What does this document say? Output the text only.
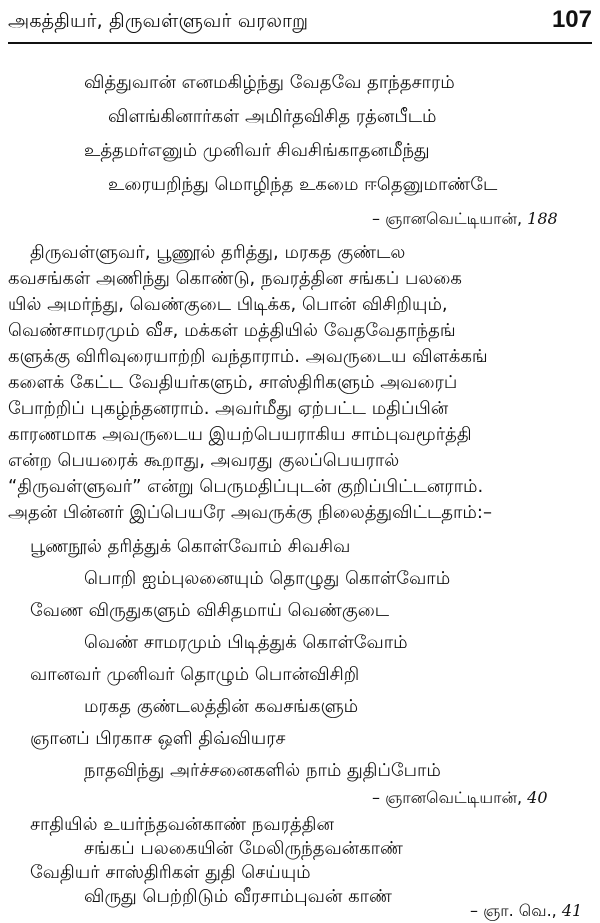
அகத்தியர், திருவள்ளுவர் வரலாறு	107
வித்துவான் எனமகிழ்ந்து வேதவே தாந்தசாரம்
விளங்கினார்கள் அமிர்தவிசித ரத்னபீடம்
உத்தமர்எனும் முனிவர் சிவசிங்காதனமீந்து
உரையறிந்து மொழிந்த உகமை ஈதெனுமாண்டே
– ஞானவெட்டியான், 188
திருவள்ளுவர், பூணூல் தரித்து, மரகத குண்டல
கவசங்கள் அணிந்து கொண்டு, நவரத்தின சங்கப் பலகை
யில் அமர்ந்து, வெண்குடை பிடிக்க, பொன் விசிறியும்,
வெண்சாமரமும் வீச, மக்கள் மத்தியில் வேதவேதாந்தங்
களுக்கு விரிவுரையாற்றி வந்தாராம். அவருடைய விளக்கங்
களைக் கேட்ட வேதியர்களும், சாஸ்திரிகளும் அவரைப்
போற்றிப் புகழ்ந்தனராம். அவர்மீது ஏற்பட்ட மதிப்பின்
காரணமாக அவருடைய இயற்பெயராகிய சாம்புவமூர்த்தி
என்ற பெயரைக் கூறாது, அவரது குலப்பெயரால்
“திருவள்ளுவர்” என்று பெருமதிப்புடன் குறிப்பிட்டனராம்.
அதன் பின்னர் இப்பெயரே அவருக்கு நிலைத்துவிட்டதாம்:–
பூணநூல் தரித்துக் கொள்வோம் சிவசிவ
பொறி ஐம்புலனையும் தொழுது கொள்வோம்
வேண விருதுகளும் விசிதமாய் வெண்குடை
வெண் சாமரமும் பிடித்துக் கொள்வோம்
வானவர் முனிவர் தொழும் பொன்விசிறி
மரகத குண்டலத்தின் கவசங்களும்
ஞானப் பிரகாச ஒளி திவ்வியரச
நாதவிந்து அர்ச்சனைகளில் நாம் துதிப்போம்
– ஞானவெட்டியான், 40
சாதியில் உயர்ந்தவன்காண் நவரத்தின
சங்கப் பலகையின் மேலிருந்தவன்காண்
வேதியர் சாஸ்திரிகள் துதி செய்யும்
விருது பெற்றிடும் வீரசாம்புவன் காண்
– ஞா. வெ., 41
